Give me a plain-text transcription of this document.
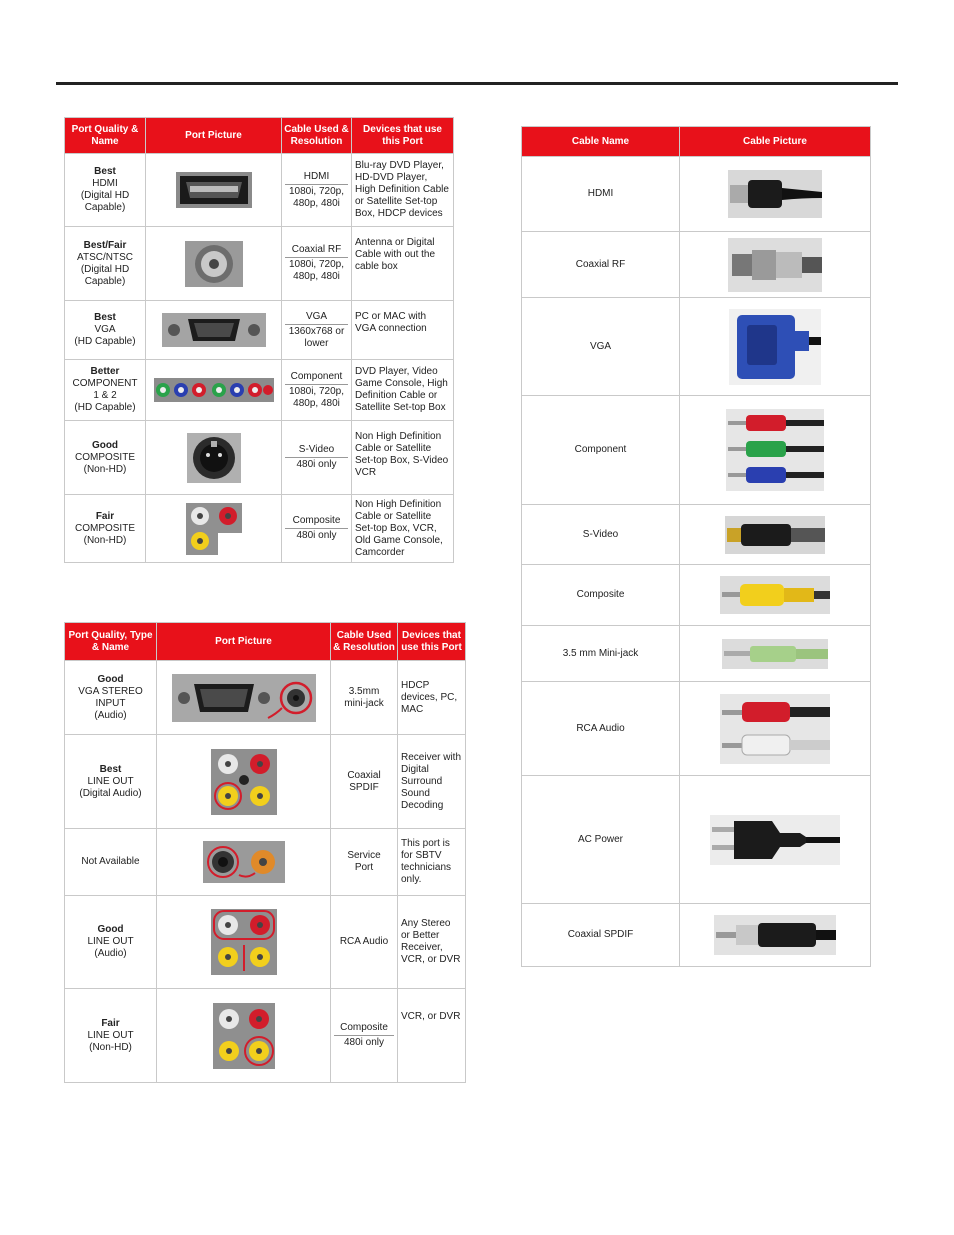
Port Quality & Name	Port Picture	Cable Used & Resolution	Devices that use this Port

Best
HDMI
(Digital HD
Capable)		HDMI
1080i, 720p,
480p, 480i	Blu-ray DVD Player, HD-DVD Player, High Definition Cable or Satellite Set-top Box, HDCP devices

Best/Fair
ATSC/NTSC
(Digital HD
Capable)		Coaxial RF
1080i, 720p,
480p, 480i	Antenna or Digital Cable with out the cable box

Best
VGA
(HD Capable)		VGA
1360x768 or
lower	PC or MAC with VGA connection

Better
COMPONENT
1 & 2
(HD Capable)		Component
1080i, 720p,
480p, 480i	DVD Player, Video Game Console, High Definition Cable or Satellite Set-top Box

Good
COMPOSITE
(Non-HD)		S-Video
480i only	Non High Definition Cable or Satellite Set-top Box, S-Video VCR

Fair
COMPOSITE
(Non-HD)		Composite
480i only	Non High Definition Cable or Satellite Set-top Box, VCR, Old Game Console, Camcorder
Port Quality, Type & Name	Port Picture	Cable Used & Resolution	Devices that use this Port

Good
VGA STEREO
INPUT
(Audio)		3.5mm
mini-jack	HDCP devices, PC, MAC

Best
LINE OUT
(Digital Audio)		Coaxial
SPDIF	Receiver with Digital Surround Sound Decoding

Not Available		Service
Port	This port is for SBTV technicians only.

Good
LINE OUT
(Audio)		RCA Audio	Any Stereo or Better Receiver, VCR, or DVR

Fair
LINE OUT
(Non-HD)		Composite
480i only	VCR, or DVR
Cable Name	Cable Picture
HDMI	

Coaxial RF	

VGA	

Component	

S-Video	

Composite	

3.5 mm Mini-jack	

RCA Audio	

AC Power	

Coaxial SPDIF	
